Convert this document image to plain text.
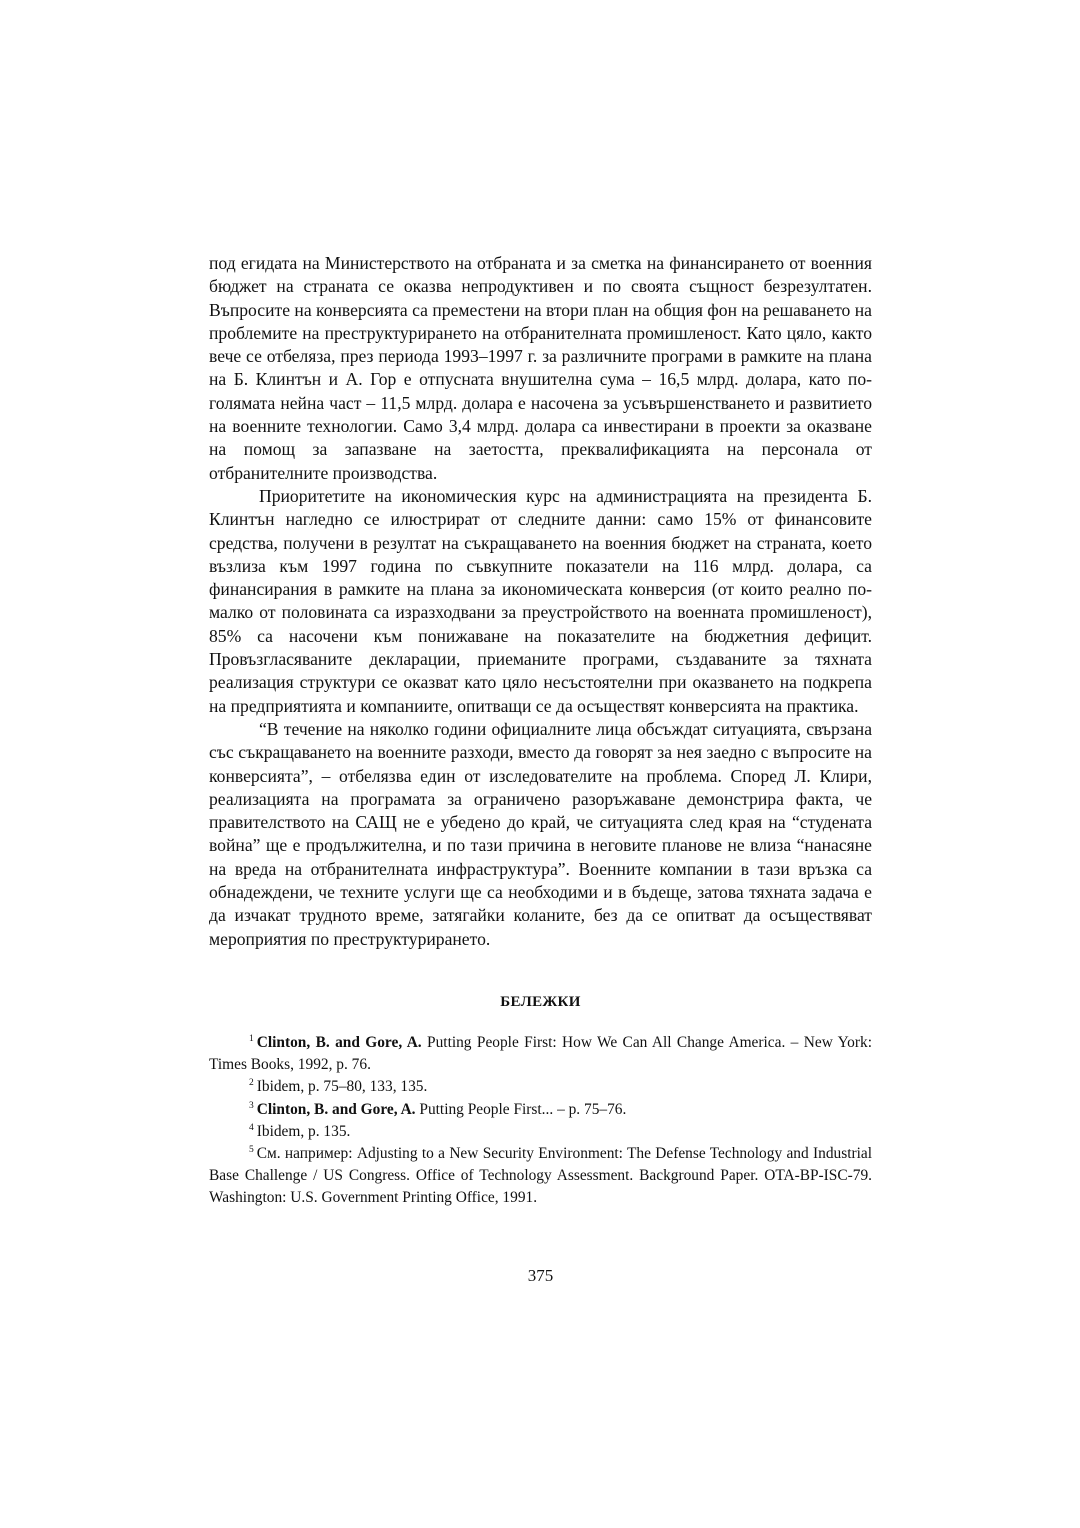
под егидата на Министерството на отбраната и за сметка на финансирането от военния бюджет на страната се оказва непродуктивен и по своята същност безрезултатен. Въпросите на конверсията са преместени на втори план на общия фон на решаването на проблемите на преструктурирането на отбранителната промишленост. Като цяло, както вече се отбеляза, през периода 1993–1997 г. за различните програми в рамките на плана на Б. Клинтън и А. Гор е отпусната внушителна сума – 16,5 млрд. долара, като по-голямата нейна част – 11,5 млрд. долара е насочена за усъвършенстването и развитието на военните технологии. Само 3,4 млрд. долара са инвестирани в проекти за оказване на помощ за запазване на заетостта, преквалификацията на персонала от отбранителните производства.

Приоритетите на икономическия курс на администрацията на президента Б. Клинтън нагледно се илюстрират от следните данни: само 15% от финансовите средства, получени в резултат на съкращаването на военния бюджет на страната, което възлиза към 1997 година по съвкупните показатели на 116 млрд. долара, са финансирания в рамките на плана за икономическата конверсия (от които реално по-малко от половината са изразходвани за преустройството на военната промишленост), 85% са насочени към понижаване на показателите на бюджетния дефицит. Провъзгласяваните декларации, приеманите програми, създаваните за тяхната реализация структури се оказват като цяло несъстоятелни при оказването на подкрепа на предприятията и компаниите, опитващи се да осъществят конверсията на практика.

“В течение на няколко години официалните лица обсъждат ситуацията, свързана със съкращаването на военните разходи, вместо да говорят за нея заедно с въпросите на конверсията”, – отбелязва един от изследователите на проблема. Според Л. Клири, реализацията на програмата за ограничено разоръжаване демонстрира факта, че правителството на САЩ не е убедено до край, че ситуацията след края на “студената война” ще е продължителна, и по тази причина в неговите планове не влиза “нанасяне на вреда на отбранителната инфраструктура”. Военните компании в тази връзка са обнадеждени, че техните услуги ще са необходими и в бъдеще, затова тяхната задача е да изчакат трудното време, затягайки коланите, без да се опитват да осъществяват мероприятия по преструктурирането.

БЕЛЕЖКИ

$^1$ Clinton, B. and Gore, A. Putting People First: How We Can All Change America. – New York: Times Books, 1992, p. 76.

$^2$ Ibidem, p. 75–80, 133, 135.

$^3$ Clinton, B. and Gore, A. Putting People First... – p. 75–76.

$^4$ Ibidem, p. 135.

$^5$ См. например: Adjusting to a New Security Environment: The Defense Technology and Industrial Base Challenge / US Congress. Office of Technology Assessment. Background Paper. OTA-BP-ISC-79. Washington: U.S. Government Printing Office, 1991.

375
